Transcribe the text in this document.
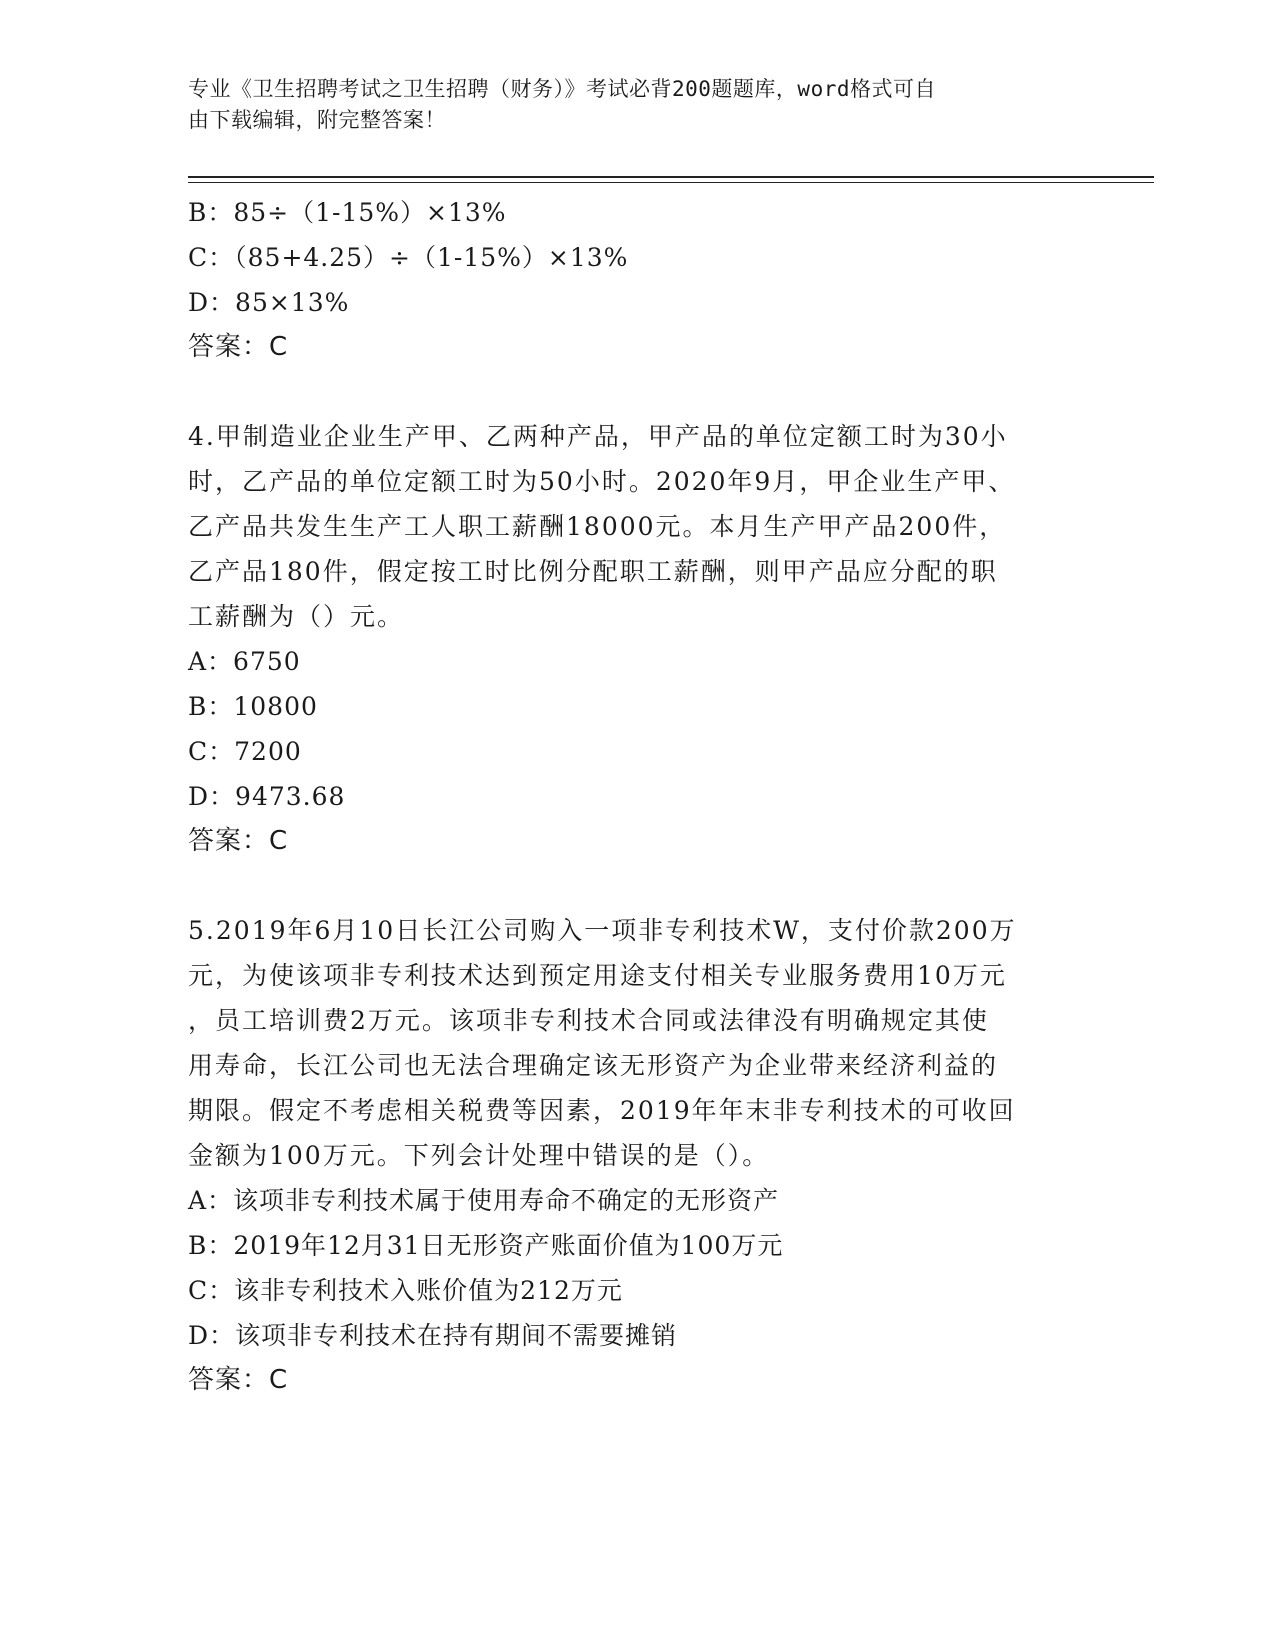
专业《卫生招聘考试之卫生招聘（财务）》考试必背200题题库，word格式可自
由下载编辑，附完整答案！
B：85÷（1-15%）×13%
C：（85+4.25）÷（1-15%）×13%
D：85×13%
答案：C
4.甲制造业企业生产甲、乙两种产品，甲产品的单位定额工时为30小
时，乙产品的单位定额工时为50小时。2020年9月，甲企业生产甲、
乙产品共发生生产工人职工薪酬18000元。本月生产甲产品200件，
乙产品180件，假定按工时比例分配职工薪酬，则甲产品应分配的职
工薪酬为（）元。
A：6750
B：10800
C：7200
D：9473.68
答案：C
5.2019年6月10日长江公司购入一项非专利技术W，支付价款200万
元，为使该项非专利技术达到预定用途支付相关专业服务费用10万元
，员工培训费2万元。该项非专利技术合同或法律没有明确规定其使
用寿命，长江公司也无法合理确定该无形资产为企业带来经济利益的
期限。假定不考虑相关税费等因素，2019年年末非专利技术的可收回
金额为100万元。下列会计处理中错误的是（）。
A：该项非专利技术属于使用寿命不确定的无形资产
B：2019年12月31日无形资产账面价值为100万元
C：该非专利技术入账价值为212万元
D：该项非专利技术在持有期间不需要摊销
答案：C
